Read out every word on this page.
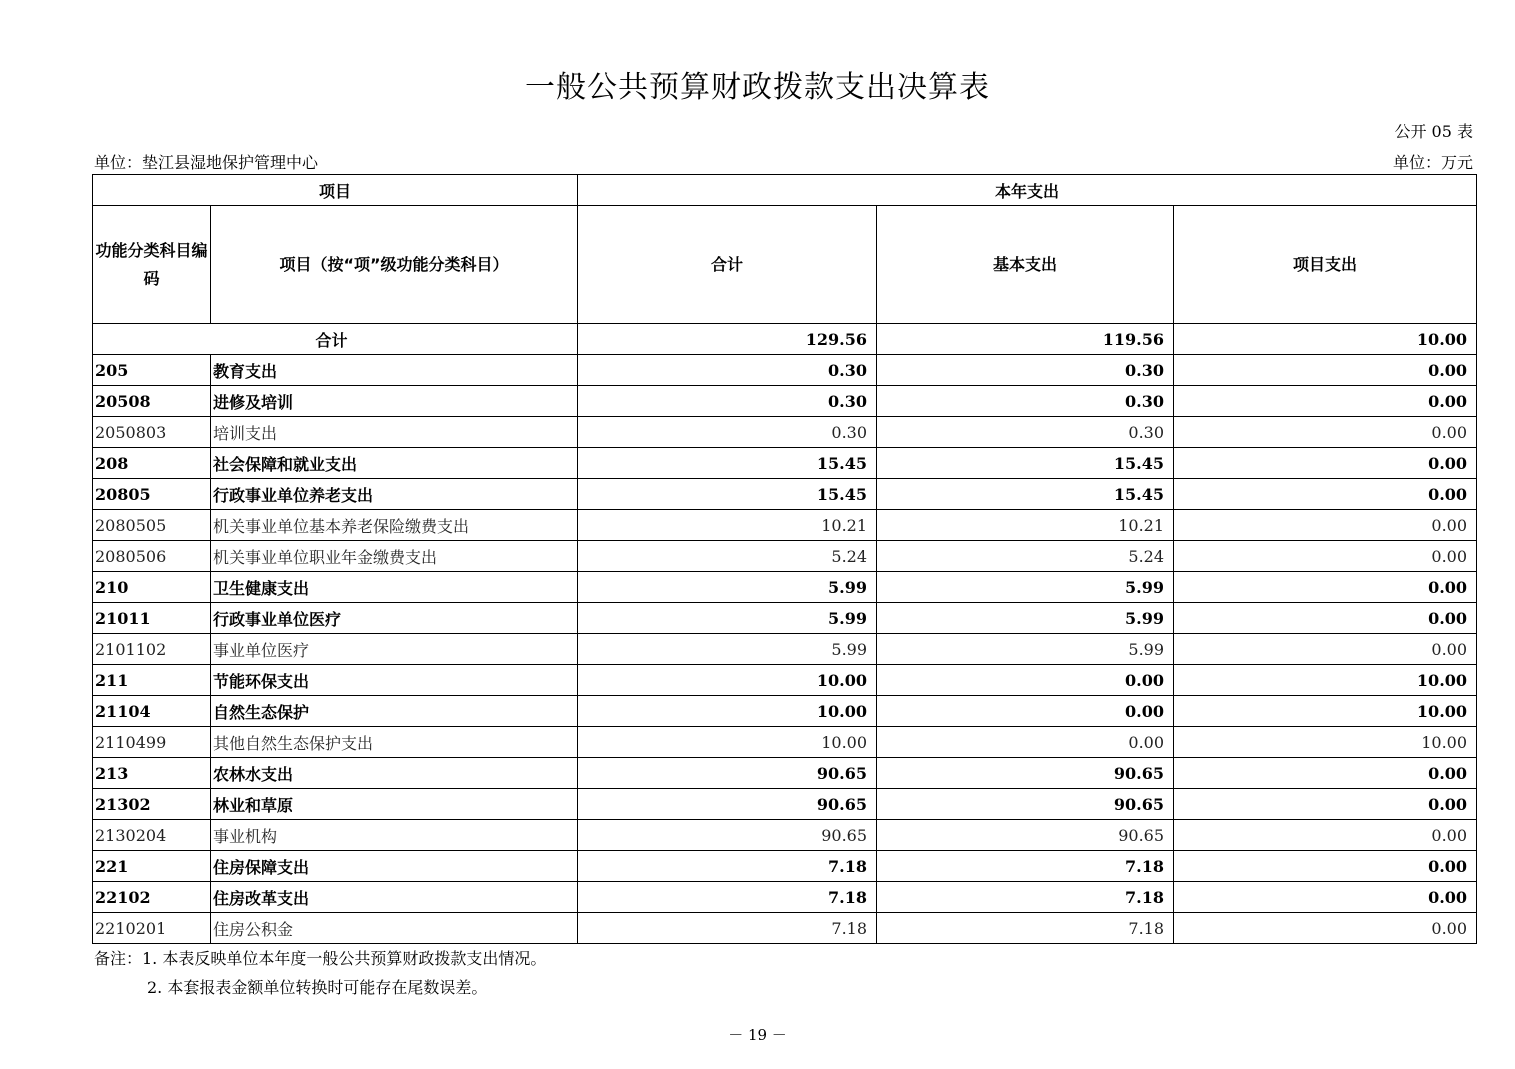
一般公共预算财政拨款支出决算表
公开 05 表
单位：垫江县湿地保护管理中心	单位：万元
项目		本年支出		
功能分类科目编码	项目（按“项”级功能分类科目）	合计	基本支出	项目支出
合计		129.56	119.56	10.00
205	教育支出	0.30	0.30	0.00
20508	进修及培训	0.30	0.30	0.00
2050803	培训支出	0.30	0.30	0.00
208	社会保障和就业支出	15.45	15.45	0.00
20805	行政事业单位养老支出	15.45	15.45	0.00
2080505	机关事业单位基本养老保险缴费支出	10.21	10.21	0.00
2080506	机关事业单位职业年金缴费支出	5.24	5.24	0.00
210	卫生健康支出	5.99	5.99	0.00
21011	行政事业单位医疗	5.99	5.99	0.00
2101102	事业单位医疗	5.99	5.99	0.00
211	节能环保支出	10.00	0.00	10.00
21104	自然生态保护	10.00	0.00	10.00
2110499	其他自然生态保护支出	10.00	0.00	10.00
213	农林水支出	90.65	90.65	0.00
21302	林业和草原	90.65	90.65	0.00
2130204	事业机构	90.65	90.65	0.00
221	住房保障支出	7.18	7.18	0.00
22102	住房改革支出	7.18	7.18	0.00
2210201	住房公积金	7.18	7.18	0.00
备注：1. 本表反映单位本年度一般公共预算财政拨款支出情况。
2. 本套报表金额单位转换时可能存在尾数误差。
－ 19 －
